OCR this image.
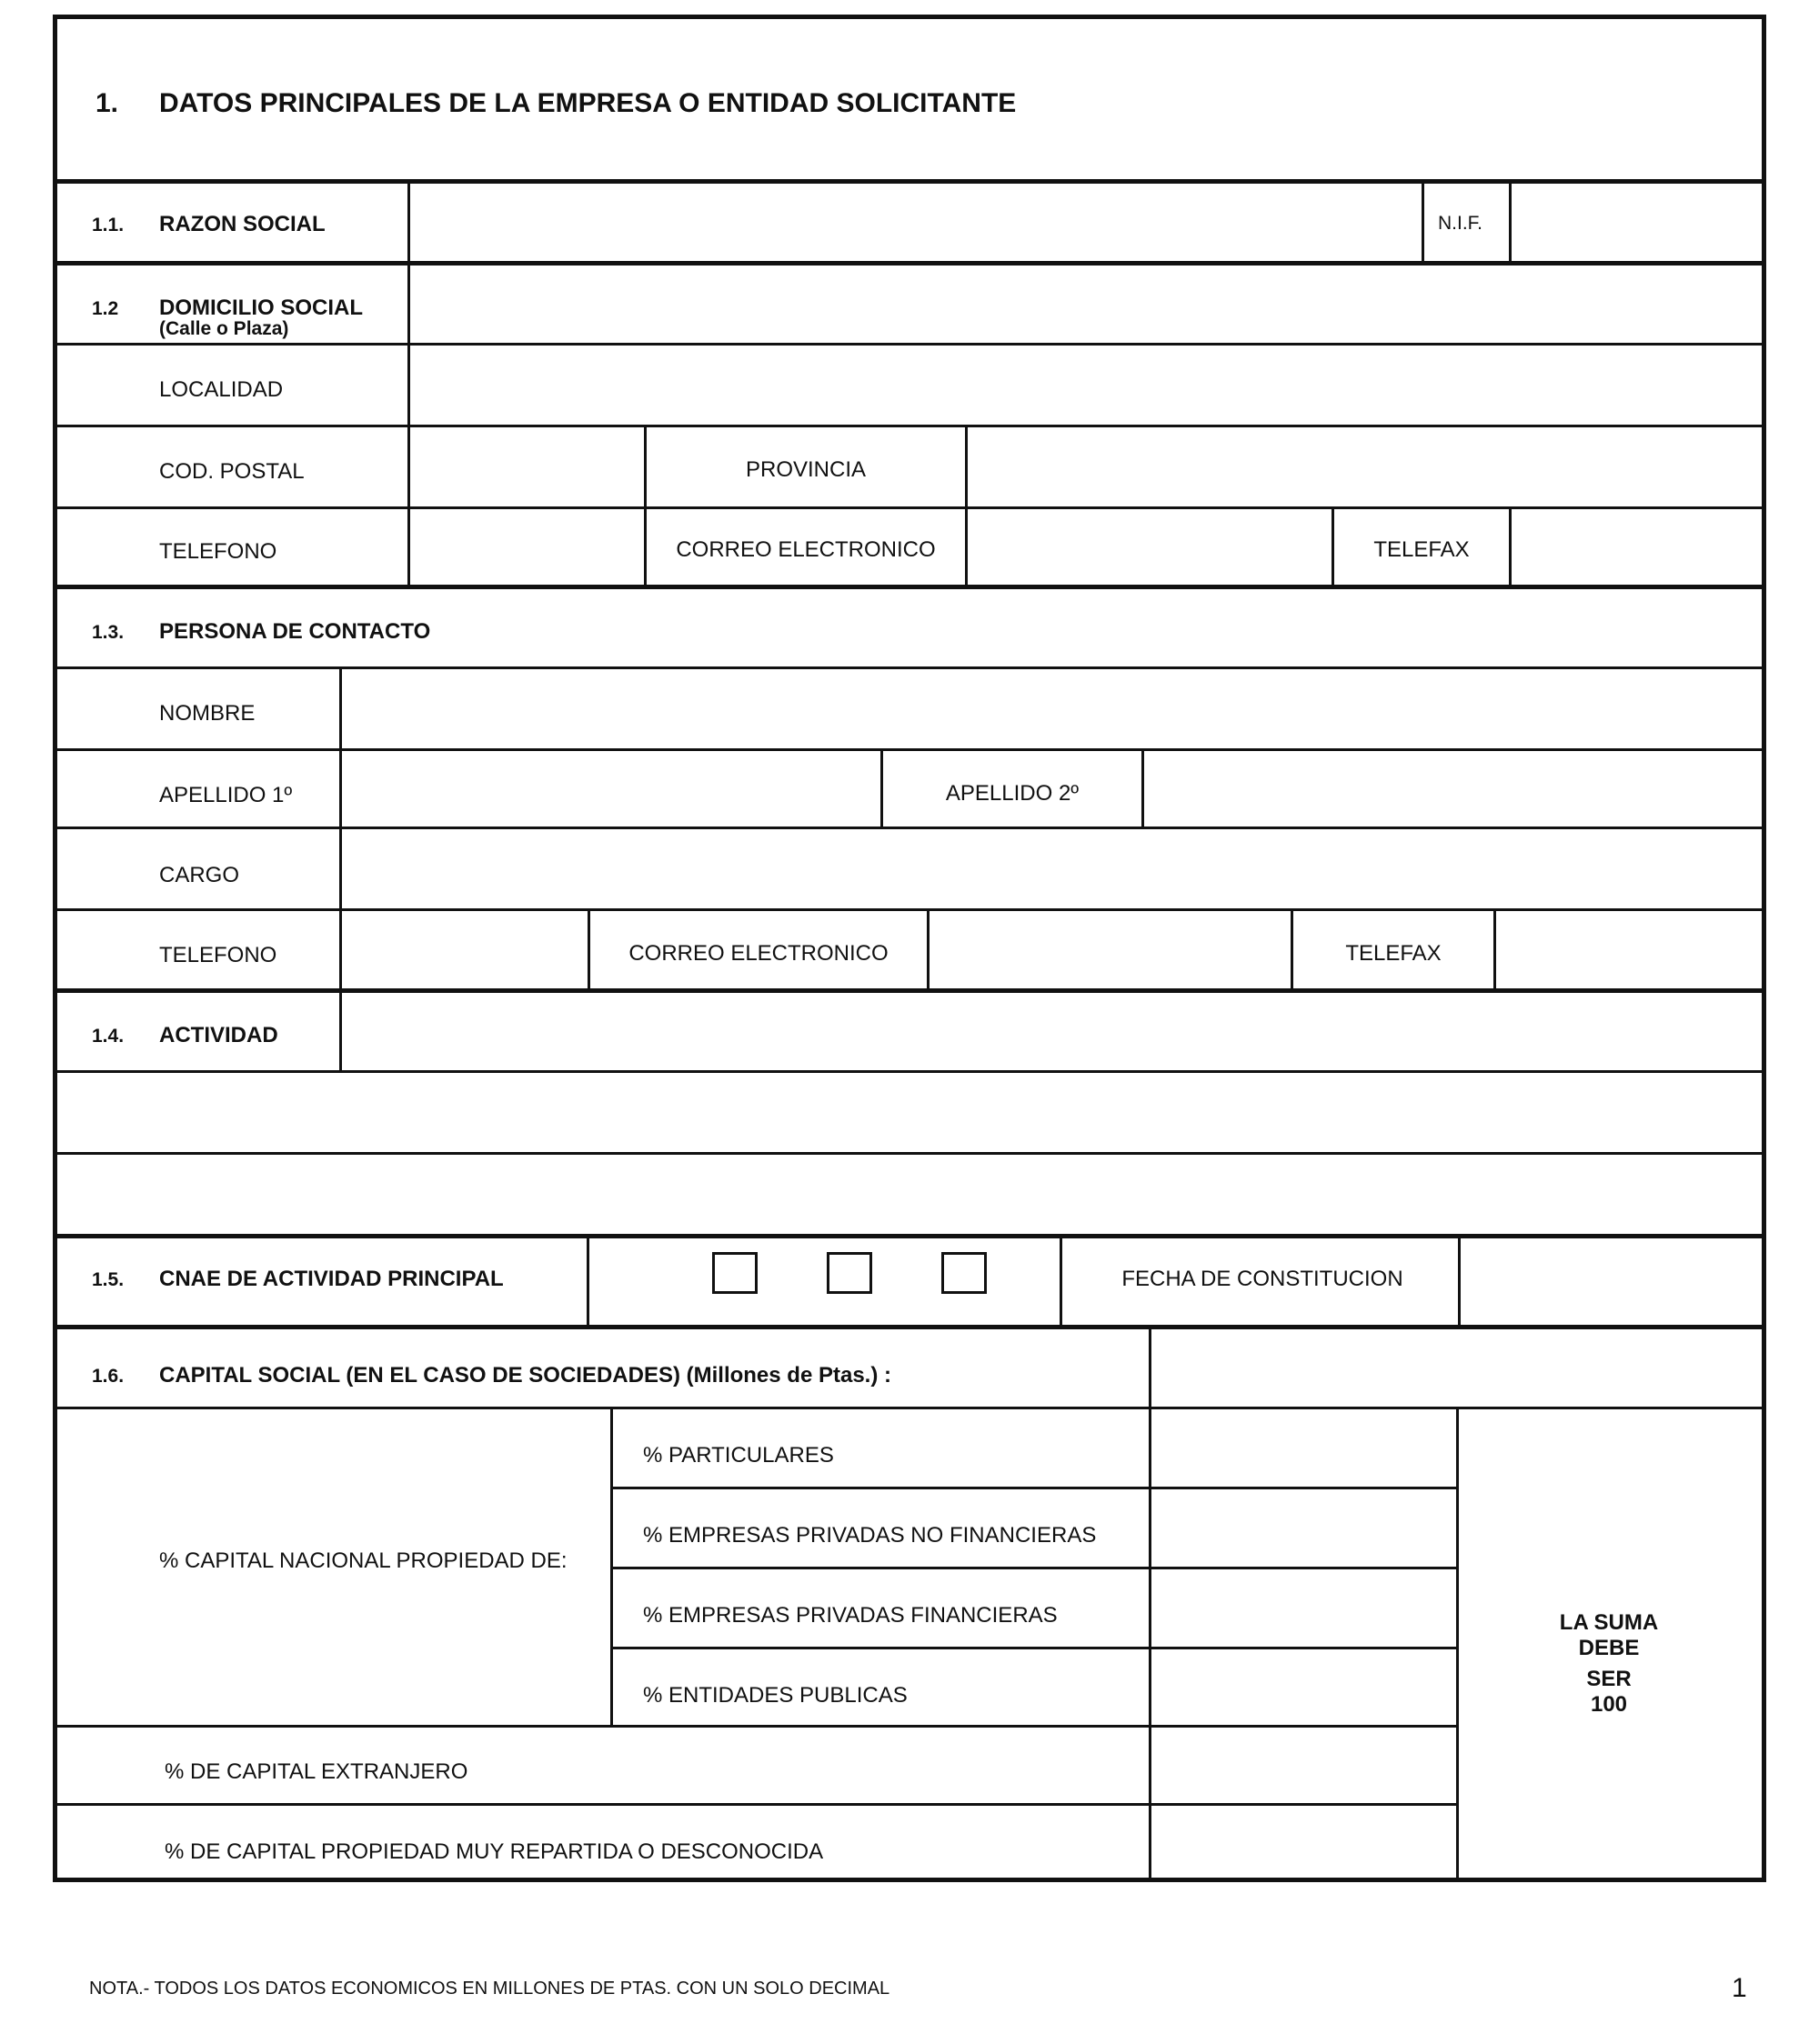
1. DATOS PRINCIPALES DE LA EMPRESA O ENTIDAD SOLICITANTE
1.1. RAZON SOCIAL	N.I.F.
1.2 DOMICILIO SOCIAL
(Calle o Plaza)
LOCALIDAD
COD. POSTAL	PROVINCIA
TELEFONO	CORREO ELECTRONICO	TELEFAX
1.3. PERSONA DE CONTACTO
NOMBRE
APELLIDO 1º	APELLIDO 2º
CARGO
TELEFONO	CORREO ELECTRONICO	TELEFAX
1.4. ACTIVIDAD
1.5. CNAE DE ACTIVIDAD PRINCIPAL	FECHA DE CONSTITUCION
1.6. CAPITAL SOCIAL (EN EL CASO DE SOCIEDADES) (Millones de Ptas.) :
% CAPITAL NACIONAL PROPIEDAD DE:
% PARTICULARES
% EMPRESAS PRIVADAS NO FINANCIERAS
% EMPRESAS PRIVADAS FINANCIERAS
% ENTIDADES PUBLICAS
% DE CAPITAL EXTRANJERO
% DE CAPITAL PROPIEDAD MUY REPARTIDA O DESCONOCIDA
LA SUMA
DEBE
SER
100
NOTA.- TODOS LOS DATOS ECONOMICOS EN MILLONES DE PTAS. CON UN SOLO DECIMAL	1
